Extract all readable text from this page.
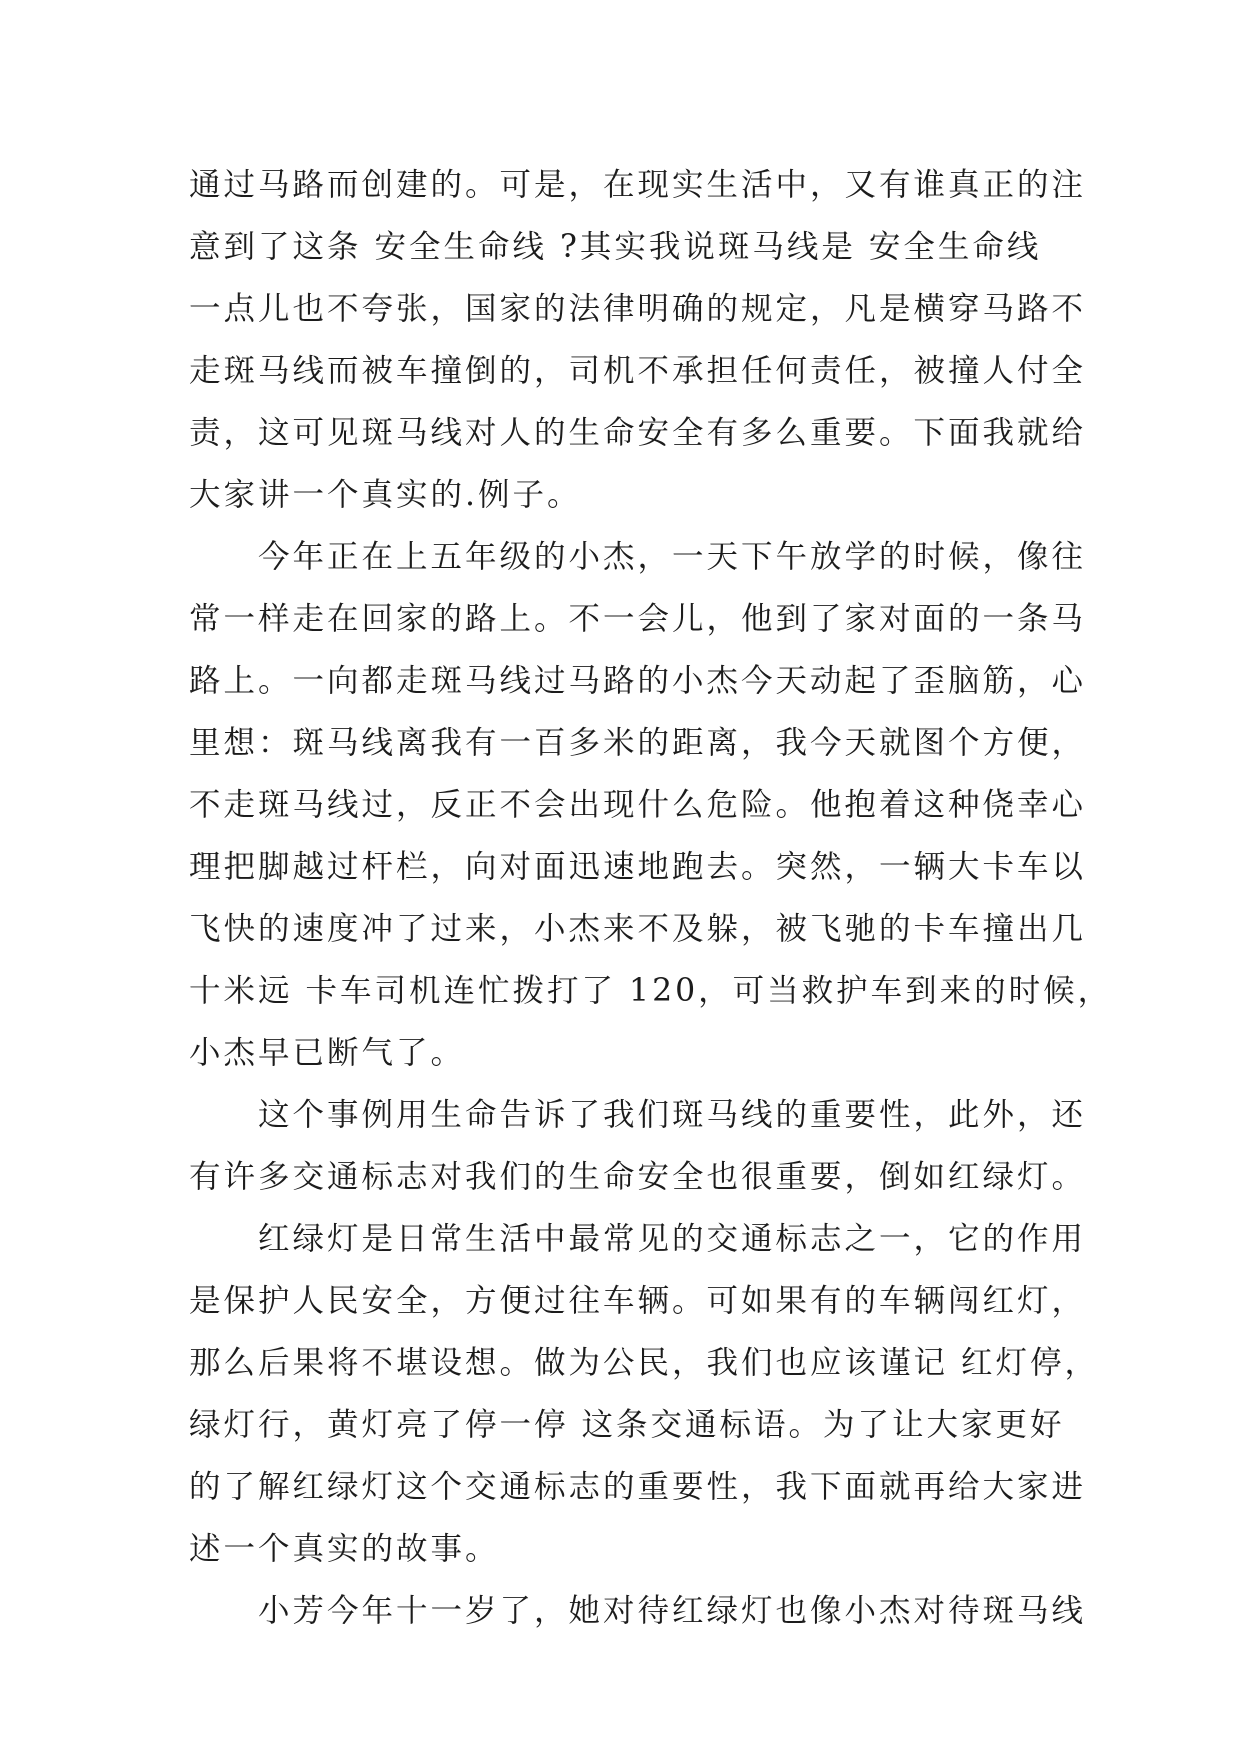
通过马路而创建的。可是，在现实生活中，又有谁真正的注
意到了这条 安全生命线 ?其实我说斑马线是 安全生命线
一点儿也不夸张，国家的法律明确的规定，凡是横穿马路不
走斑马线而被车撞倒的，司机不承担任何责任，被撞人付全
责，这可见斑马线对人的生命安全有多么重要。下面我就给
大家讲一个真实的.例子。
　　今年正在上五年级的小杰，一天下午放学的时候，像往
常一样走在回家的路上。不一会儿，他到了家对面的一条马
路上。一向都走斑马线过马路的小杰今天动起了歪脑筋，心
里想：斑马线离我有一百多米的距离，我今天就图个方便，
不走斑马线过，反正不会出现什么危险。他抱着这种侥幸心
理把脚越过杆栏，向对面迅速地跑去。突然，一辆大卡车以
飞快的速度冲了过来，小杰来不及躲，被飞驰的卡车撞出几
十米远 卡车司机连忙拨打了 120，可当救护车到来的时候，
小杰早已断气了。
　　这个事例用生命告诉了我们斑马线的重要性，此外，还
有许多交通标志对我们的生命安全也很重要，倒如红绿灯。
　　红绿灯是日常生活中最常见的交通标志之一，它的作用
是保护人民安全，方便过往车辆。可如果有的车辆闯红灯，
那么后果将不堪设想。做为公民，我们也应该谨记 红灯停，
绿灯行，黄灯亮了停一停 这条交通标语。为了让大家更好
的了解红绿灯这个交通标志的重要性，我下面就再给大家进
述一个真实的故事。
　　小芳今年十一岁了，她对待红绿灯也像小杰对待斑马线
